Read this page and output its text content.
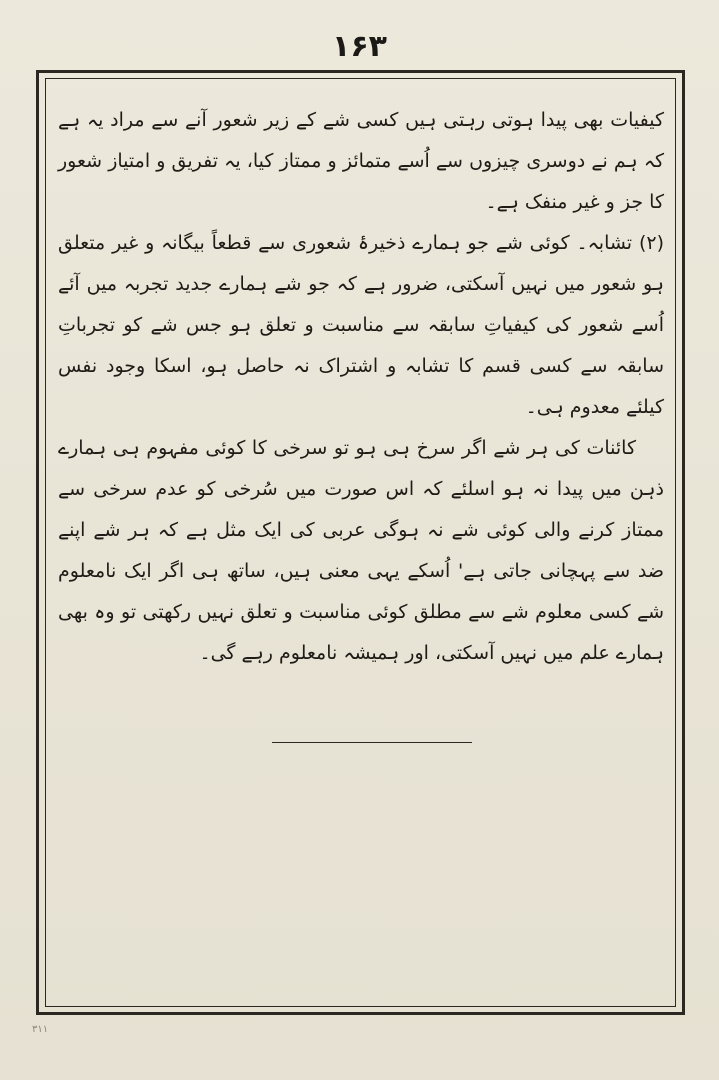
۱۶۳

کیفیات بھی پیدا ہوتی رہتی ہیں کسی شے کے زیر شعور آنے سے مراد یہ ہے کہ ہم نے دوسری چیزوں سے اُسے متمائز و ممتاز کیا، یہ تفریق و امتیاز شعور کا جز و غیر منفک ہے۔

(۲) تشابہ۔ کوئی شے جو ہمارے ذخیرۂ شعوری سے قطعاً بیگانہ و غیر متعلق ہو شعور میں نہیں آسکتی، ضرور ہے کہ جو شے ہمارے جدید تجربہ میں آئے اُسے شعور کی کیفیاتِ سابقہ سے مناسبت و تعلق ہو جس شے کو تجرباتِ سابقہ سے کسی قسم کا تشابہ و اشتراک نہ حاصل ہو، اسکا وجود نفس کیلئے معدوم ہی۔

کائنات کی ہر شے اگر سرخ ہی ہو تو سرخی کا کوئی مفہوم ہی ہمارے ذہن میں پیدا نہ ہو اسلئے کہ اس صورت میں سُرخی کو عدم سرخی سے ممتاز کرنے والی کوئی شے نہ ہوگی عربی کی ایک مثل ہے کہ ہر شے اپنے ضد سے پہچانی جاتی ہے' اُسکے یہی معنی ہیں، ساتھ ہی اگر ایک نامعلوم شے کسی معلوم شے سے مطلق کوئی مناسبت و تعلق نہیں رکھتی تو وہ بھی ہمارے علم میں نہیں آسکتی، اور ہمیشہ نامعلوم رہے گی۔

۳۱۱
